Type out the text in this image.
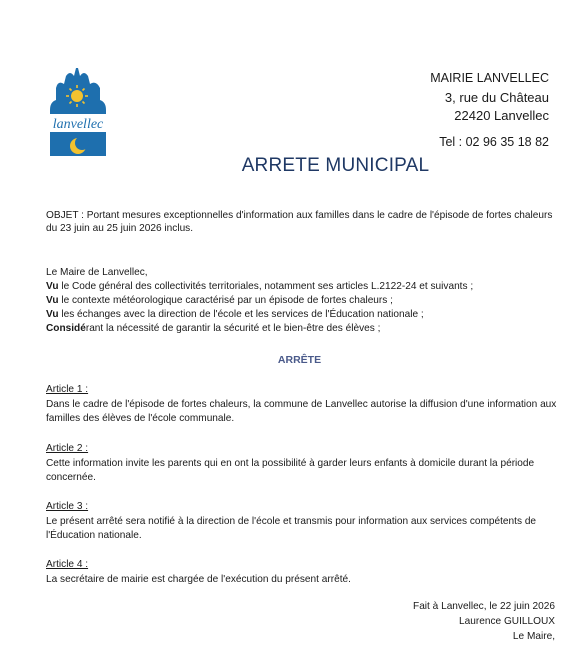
lanvellec
MAIRIE LANVELLEC
3, rue du Château
22420 Lanvellec
Tel : 02 96 35 18 82
ARRETE MUNICIPAL
OBJET : Portant mesures exceptionnelles d'information aux familles dans le cadre de l'épisode de fortes chaleurs du 23 juin au 25 juin 2026 inclus.
Le Maire de Lanvellec,
Vu le Code général des collectivités territoriales, notamment ses articles L.2122-24 et suivants ;
Vu le contexte météorologique caractérisé par un épisode de fortes chaleurs ;
Vu les échanges avec la direction de l'école et les services de l'Éducation nationale ;
Considérant la nécessité de garantir la sécurité et le bien-être des élèves ;
ARRÊTE
Article 1 :
Dans le cadre de l'épisode de fortes chaleurs, la commune de Lanvellec autorise la diffusion d'une information aux familles des élèves de l'école communale.
Article 2 :
Cette information invite les parents qui en ont la possibilité à garder leurs enfants à domicile durant la période concernée.
Article 3 :
Le présent arrêté sera notifié à la direction de l'école et transmis pour information aux services compétents de l'Éducation nationale.
Article 4 :
La secrétaire de mairie est chargée de l'exécution du présent arrêté.
Fait à Lanvellec, le 22 juin 2026
Laurence GUILLOUX
Le Maire,
